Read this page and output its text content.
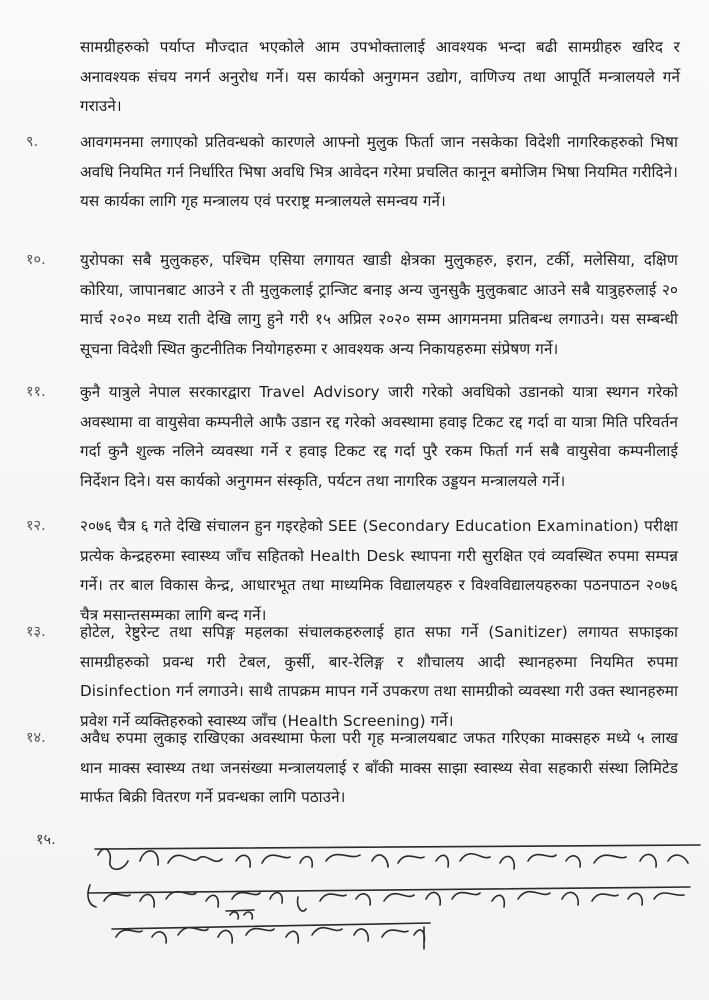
सामग्रीहरुको पर्याप्त मौज्दात भएकोले आम उपभोक्तालाई आवश्यक भन्दा बढी सामग्रीहरु खरिद र अनावश्यक संचय नगर्न अनुरोध गर्ने। यस कार्यको अनुगमन उद्योग, वाणिज्य तथा आपूर्ति मन्त्रालयले गर्ने गराउने।
९.	आवगमनमा लगाएको प्रतिवन्धको कारणले आफ्नो मुलुक फिर्ता जान नसकेका विदेशी नागरिकहरुको भिषा अवधि नियमित गर्न निर्धारित भिषा अवधि भित्र आवेदन गरेमा प्रचलित कानून बमोजिम भिषा नियमित गरीदिने। यस कार्यका लागि गृह मन्त्रालय एवं परराष्ट्र मन्त्रालयले समन्वय गर्ने।
१०. युरोपका सबै मुलुकहरु, पश्चिम एसिया लगायत खाडी क्षेत्रका मुलुकहरु, इरान, टर्की, मलेसिया, दक्षिण कोरिया, जापानबाट आउने र ती मुलुकलाई ट्रान्जिट बनाइ अन्य जुनसुकै मुलुकबाट आउने सबै यात्रुहरुलाई २० मार्च २०२० मध्य राती देखि लागु हुने गरी १५ अप्रिल २०२० सम्म आगमनमा प्रतिबन्ध लगाउने। यस सम्बन्धी सूचना विदेशी स्थित कुटनीतिक नियोगहरुमा र आवश्यक अन्य निकायहरुमा संप्रेषण गर्ने।
११. कुनै यात्रुले नेपाल सरकारद्वारा Travel Advisory जारी गरेको अवधिको उडानको यात्रा स्थगन गरेको अवस्थामा वा वायुसेवा कम्पनीले आफै उडान रद्द गरेको अवस्थामा हवाइ टिकट रद्द गर्दा वा यात्रा मिति परिवर्तन गर्दा कुनै शुल्क नलिने व्यवस्था गर्ने र हवाइ टिकट रद्द गर्दा पुरै रकम फिर्ता गर्न सबै वायुसेवा कम्पनीलाई निर्देशन दिने। यस कार्यको अनुगमन संस्कृति, पर्यटन तथा नागरिक उड्डयन मन्त्रालयले गर्ने।
१२. २०७६ चैत्र ६ गते देखि संचालन हुन गइरहेको SEE (Secondary Education Examination) परीक्षा प्रत्येक केन्द्रहरुमा स्वास्थ्य जाँच सहितको Health Desk स्थापना गरी सुरक्षित एवं व्यवस्थित रुपमा सम्पन्न गर्ने। तर बाल विकास केन्द्र, आधारभूत तथा माध्यमिक विद्यालयहरु र विश्वविद्यालयहरुका पठनपाठन २०७६ चैत्र मसान्तसम्मका लागि बन्द गर्ने।
१३. होटेल, रेष्टुरेन्ट तथा सपिङ्ग महलका संचालकहरुलाई हात सफा गर्ने (Sanitizer) लगायत सफाइका सामग्रीहरुको प्रवन्ध गरी टेबल, कुर्सी, बार-रेलिङ्ग र शौचालय आदी स्थानहरुमा नियमित रुपमा Disinfection गर्न लगाउने। साथै तापक्रम मापन गर्ने उपकरण तथा सामग्रीको व्यवस्था गरी उक्त स्थानहरुमा प्रवेश गर्ने व्यक्तिहरुको स्वास्थ्य जाँच (Health Screening) गर्ने।
१४. अवैध रुपमा लुकाइ राखिएका अवस्थामा फेला परी गृह मन्त्रालयबाट जफत गरिएका माक्सहरु मध्ये ५ लाख थान माक्स स्वास्थ्य तथा जनसंख्या मन्त्रालयलाई र बाँकी माक्स साझा स्वास्थ्य सेवा सहकारी संस्था लिमिटेड मार्फत बिक्री वितरण गर्ने प्रवन्धका लागि पठाउने।
१५.
